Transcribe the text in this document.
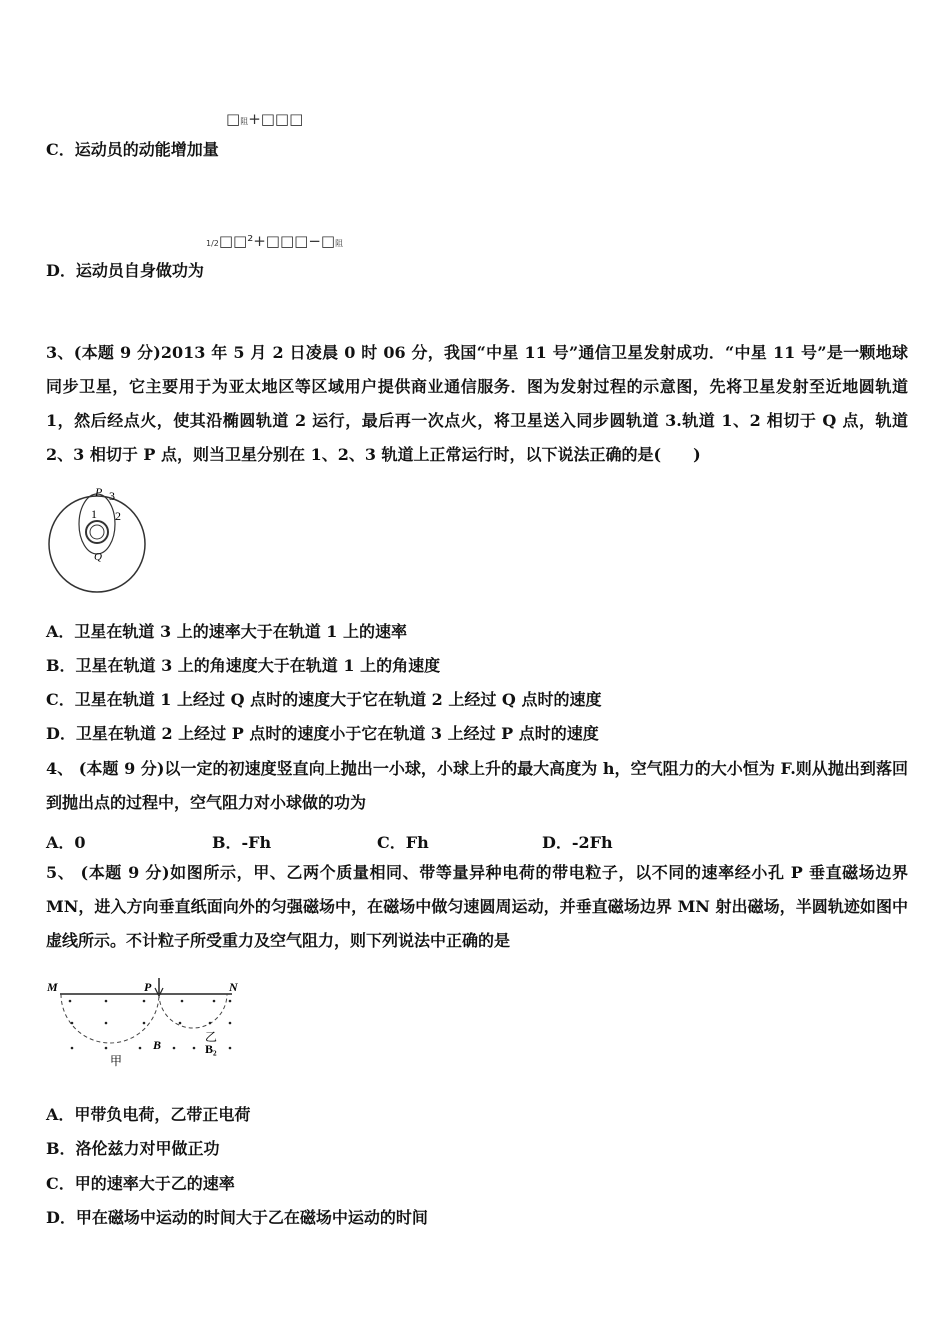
□阻+□□□
C．运动员的动能增加量
1/2□□²+□□□−□阻
D．运动员自身做功为
3、(本题 9 分)2013 年 5 月 2 日凌晨 0 时 06 分，我国“中星 11 号”通信卫星发射成功．“中星 11 号”是一颗地球同步卫星，它主要用于为亚太地区等区域用户提供商业通信服务．图为发射过程的示意图，先将卫星发射至近地圆轨道 1，然后经点火，使其沿椭圆轨道 2 运行，最后再一次点火，将卫星送入同步圆轨道 3.轨道 1、2 相切于 Q 点，轨道 2、3 相切于 P 点，则当卫星分别在 1、2、3 轨道上正常运行时，以下说法正确的是(　　)
P 3
1 2
Q
A．卫星在轨道 3 上的速率大于在轨道 1 上的速率
B．卫星在轨道 3 上的角速度大于在轨道 1 上的角速度
C．卫星在轨道 1 上经过 Q 点时的速度大于它在轨道 2 上经过 Q 点时的速度
D．卫星在轨道 2 上经过 P 点时的速度小于它在轨道 3 上经过 P 点时的速度
4、 (本题 9 分)以一定的初速度竖直向上抛出一小球，小球上升的最大高度为 h，空气阻力的大小恒为 F.则从抛出到落回到抛出点的过程中，空气阻力对小球做的功为
A．0	B．-Fh	C．Fh	D．-2Fh
5、 (本题 9 分)如图所示，甲、乙两个质量相同、带等量异种电荷的带电粒子，以不同的速率经小孔 P 垂直磁场边界 MN，进入方向垂直纸面向外的匀强磁场中，在磁场中做匀速圆周运动，并垂直磁场边界 MN 射出磁场，半圆轨迹如图中虚线所示。不计粒子所受重力及空气阻力，则下列说法中正确的是
M	P	N
B	B₂
甲
乙
A．甲带负电荷，乙带正电荷
B．洛伦兹力对甲做正功
C．甲的速率大于乙的速率
D．甲在磁场中运动的时间大于乙在磁场中运动的时间
